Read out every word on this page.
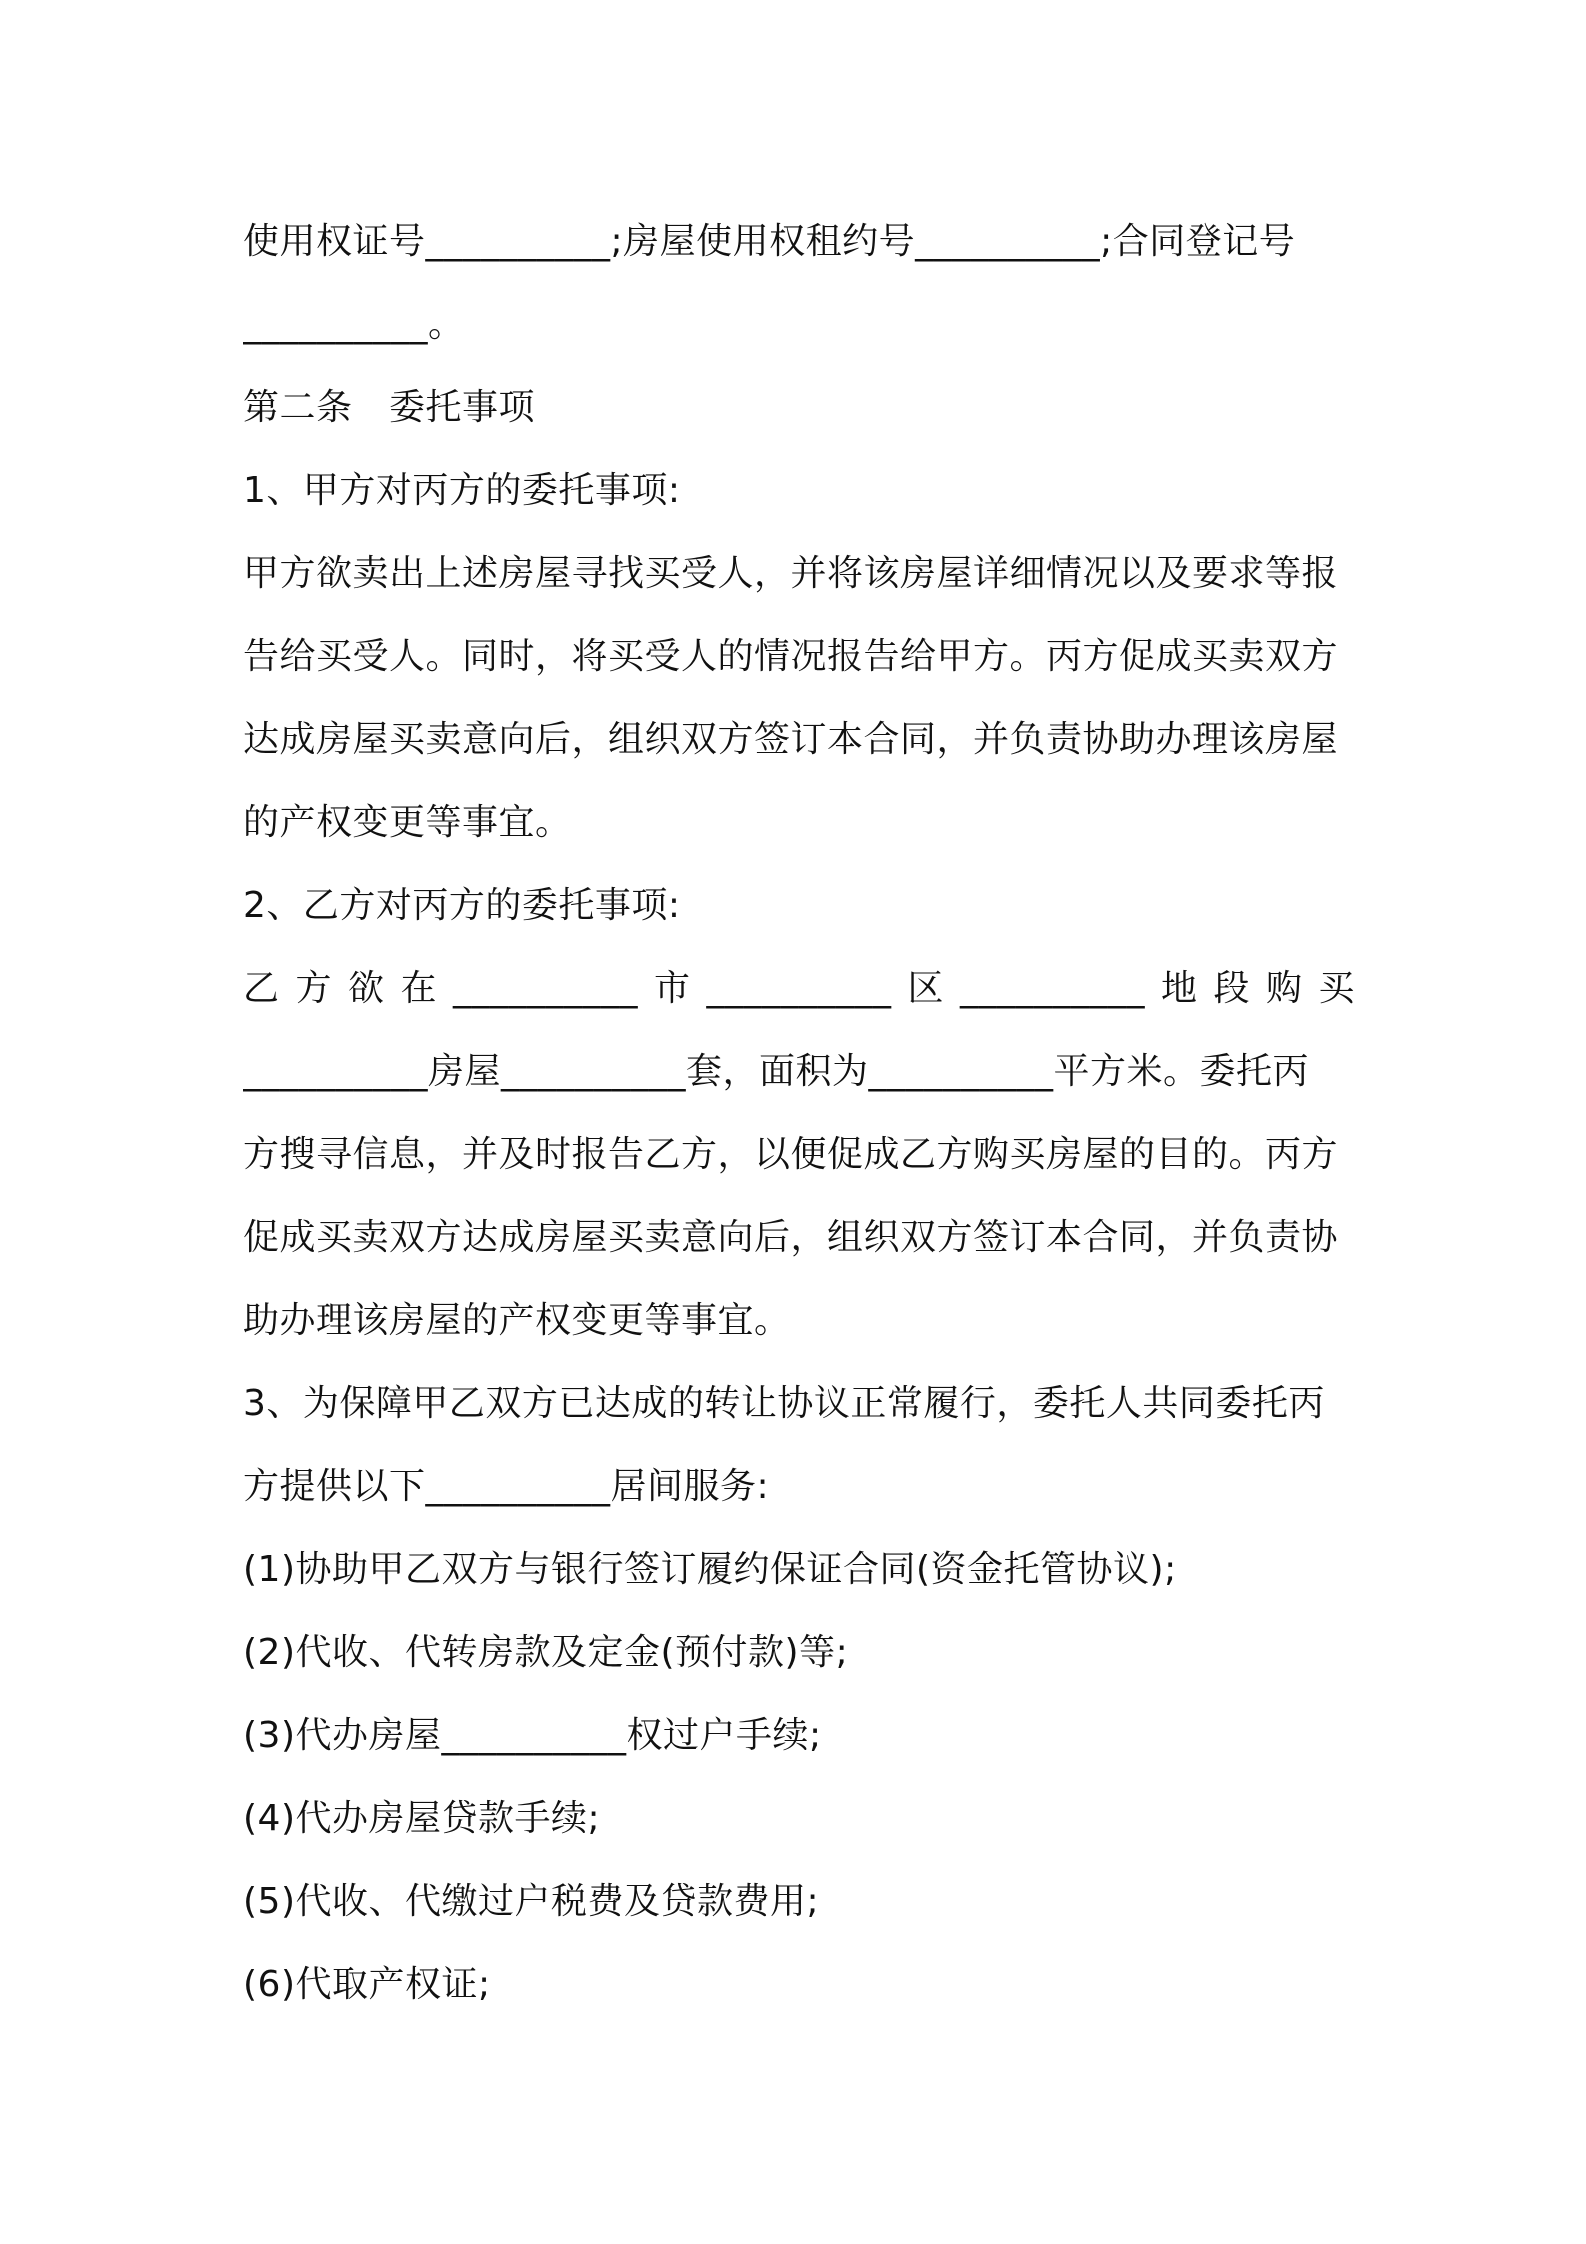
使用权证号__________;房屋使用权租约号__________;合同登记号
__________。
第二条　委托事项
1、甲方对丙方的委托事项:
甲方欲卖出上述房屋寻找买受人，并将该房屋详细情况以及要求等报
告给买受人。同时，将买受人的情况报告给甲方。丙方促成买卖双方
达成房屋买卖意向后，组织双方签订本合同，并负责协助办理该房屋
的产权变更等事宜。
2、乙方对丙方的委托事项:
乙 方 欲 在 __________ 市 __________ 区 __________ 地 段 购 买
__________房屋__________套，面积为__________平方米。委托丙
方搜寻信息，并及时报告乙方，以便促成乙方购买房屋的目的。丙方
促成买卖双方达成房屋买卖意向后，组织双方签订本合同，并负责协
助办理该房屋的产权变更等事宜。
3、为保障甲乙双方已达成的转让协议正常履行，委托人共同委托丙
方提供以下__________居间服务:
(1)协助甲乙双方与银行签订履约保证合同(资金托管协议);
(2)代收、代转房款及定金(预付款)等;
(3)代办房屋__________权过户手续;
(4)代办房屋贷款手续;
(5)代收、代缴过户税费及贷款费用;
(6)代取产权证;
